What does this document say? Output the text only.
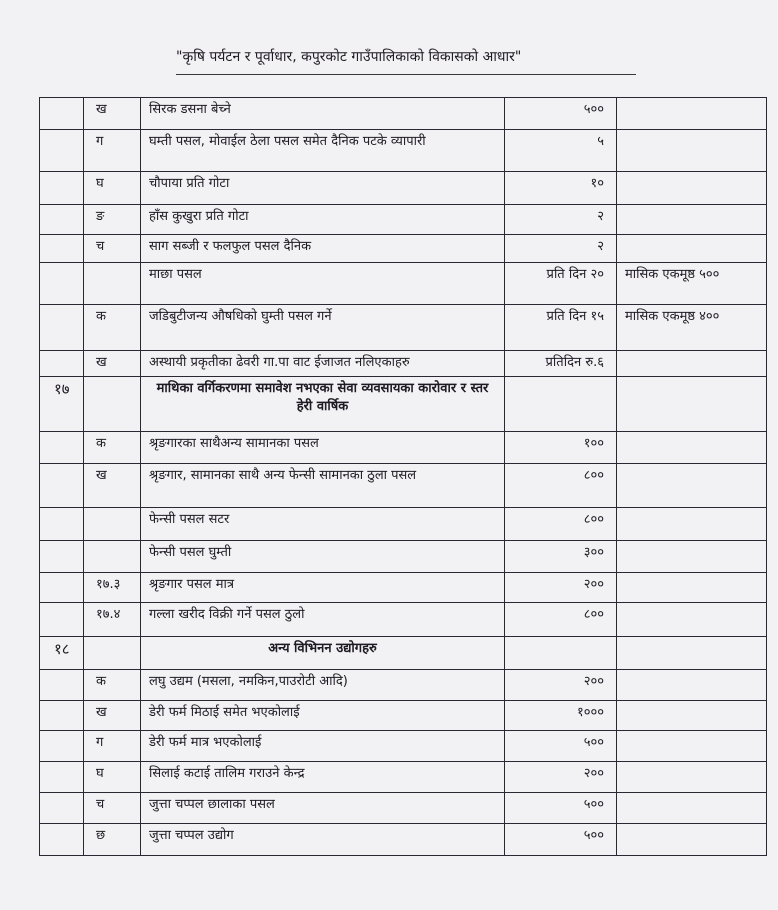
"कृषि पर्यटन र पूर्वाधार, कपुरकोट गाउँपालिकाको विकासको आधार"
	ख	सिरक डसना बेच्ने	५००	
	ग	घम्ती पसल, मोवाईल ठेला पसल समेत दैनिक पटके व्यापारी	५	
	घ	चौपाया प्रति गोटा	१०	
	ङ	हाँस कुखुरा प्रति गोटा	२	
	च	साग सब्जी र फलफुल पसल दैनिक	२	
		माछा पसल	प्रति दिन २०	मासिक एकमूष्ठ ५००
	क	जडिबुटीजन्य औषधिको घुम्ती पसल गर्ने	प्रति दिन १५	मासिक एकमूष्ठ ४००
	ख	अस्थायी प्रकृतीका ढेवरी गा.पा वाट ईजाजत नलिएकाहरु	प्रतिदिन रु.६	
१७		माथिका वर्गिकरणमा समावेश नभएका सेवा व्यवसायका कारोवार र स्तर हेरी वार्षिक		
	क	श्रृङगारका साथैअन्य सामानका पसल	१००	
	ख	श्रृङगार, सामानका साथै अन्य फेन्सी सामानका ठुला पसल	८००	
		फेन्सी पसल सटर	८००	
		फेन्सी पसल घुम्ती	३००	
	१७.३	श्रृङगार पसल मात्र	२००	
	१७.४	गल्ला खरीद विक्री गर्ने पसल ठुलो	८००	
१८		अन्य विभिनन उद्योगहरु		
	क	लघु उद्यम (मसला, नमकिन,पाउरोटी आदि)	२००	
	ख	डेरी फर्म मिठाई समेत भएकोलाई	१०००	
	ग	डेरी फर्म मात्र भएकोलाई	५००	
	घ	सिलाई कटाई तालिम गराउने केन्द्र	२००	
	च	जुत्ता चप्पल छालाका पसल	५००	
	छ	जुत्ता चप्पल उद्योग	५००	
